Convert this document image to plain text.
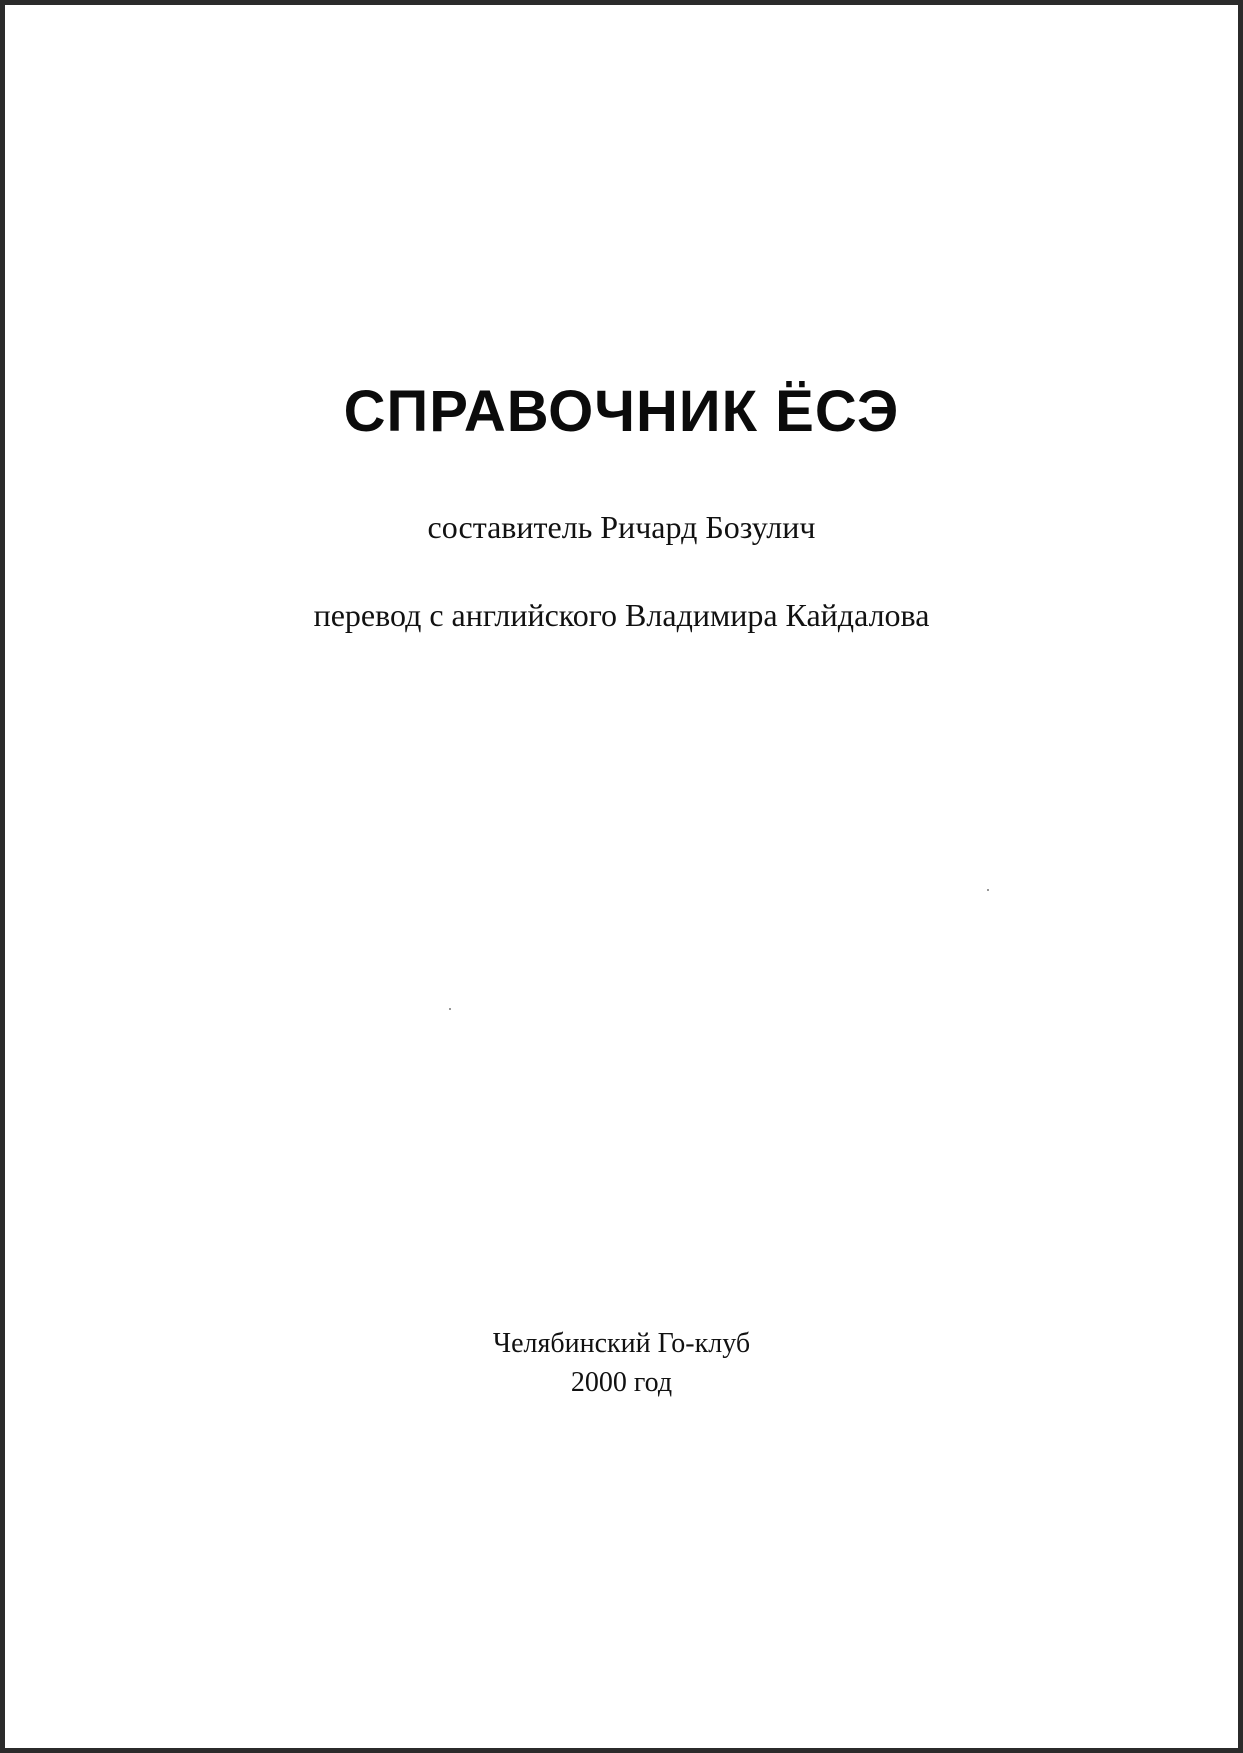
СПРАВОЧНИК ЁСЭ
составитель Ричард Бозулич
перевод с английского Владимира Кайдалова
Челябинский Го-клуб
2000 год
